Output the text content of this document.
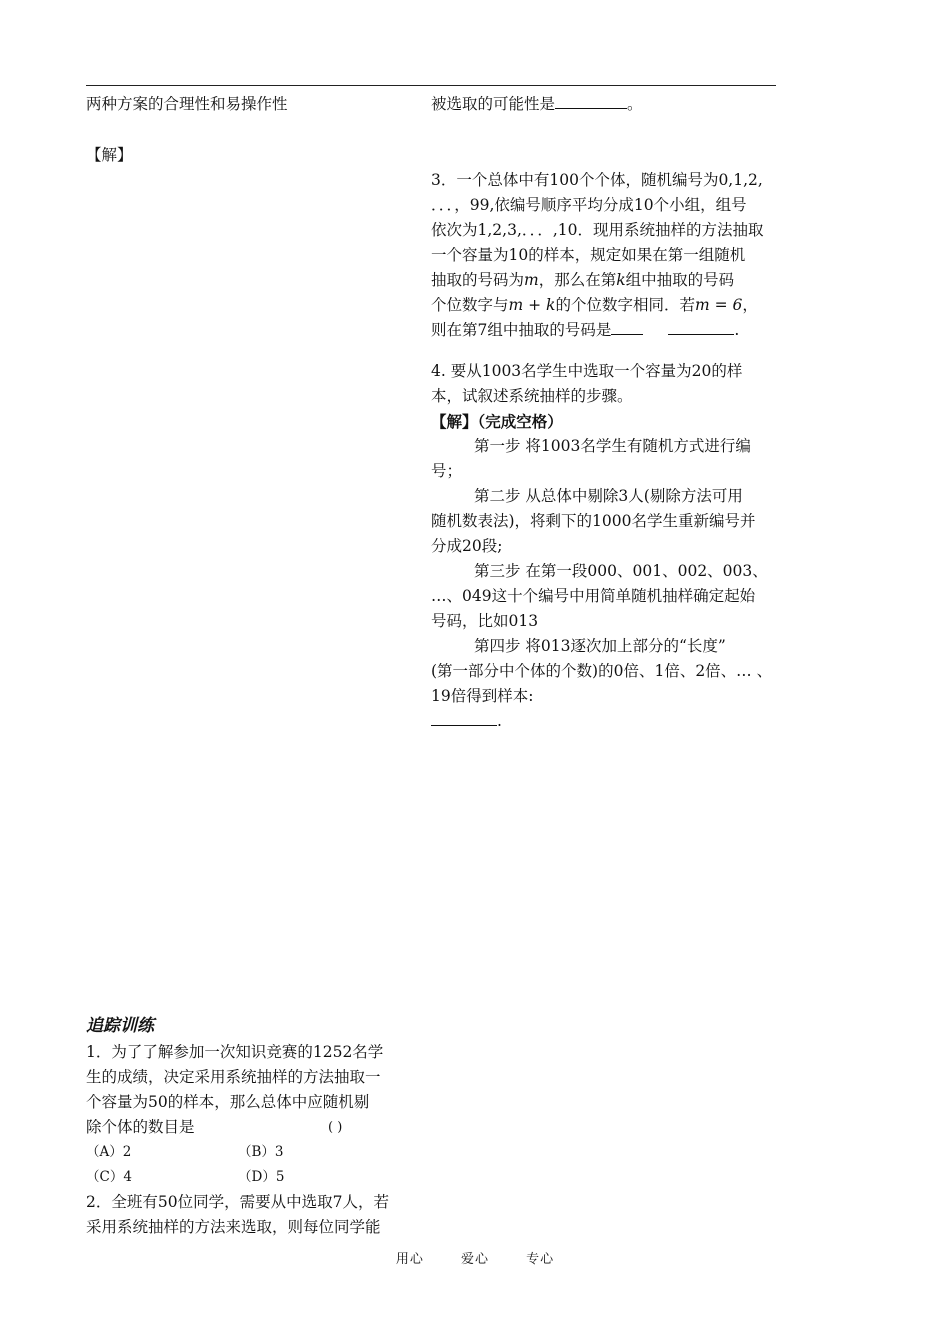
两种方案的合理性和易操作性
【解】
追踪训练
1．为了了解参加一次知识竞赛的1252名学
生的成绩，决定采用系统抽样的方法抽取一
个容量为50的样本，那么总体中应随机剔
除个体的数目是	( )
（A）2	（B）3
（C）4	（D）5
2．全班有50位同学，需要从中选取7人，若
采用系统抽样的方法来选取，则每位同学能
被选取的可能性是	。
3．一个总体中有100个个体，随机编号为0,1,2,
．．．，99,依编号顺序平均分成10个小组，组号
依次为1,2,3,．．．,10．现用系统抽样的方法抽取
一个容量为10的样本，规定如果在第一组随机
抽取的号码为m，那么在第k组中抽取的号码
个位数字与m + k的个位数字相同．若m = 6，
则在第7组中抽取的号码是	.
4. 要从1003名学生中选取一个容量为20的样
本，试叙述系统抽样的步骤。
【解】（完成空格）
第一步 将1003名学生有随机方式进行编
号；
第二步 从总体中剔除3人(剔除方法可用
随机数表法)，将剩下的1000名学生重新编号并
分成20段;
第三步 在第一段000、001、002、003、
…、049这十个编号中用简单随机抽样确定起始
号码，比如013
第四步 将013逐次加上部分的“长度”
(第一部分中个体的个数)的0倍、1倍、2倍、… 、
19倍得到样本:
.
用心	爱心	专心
